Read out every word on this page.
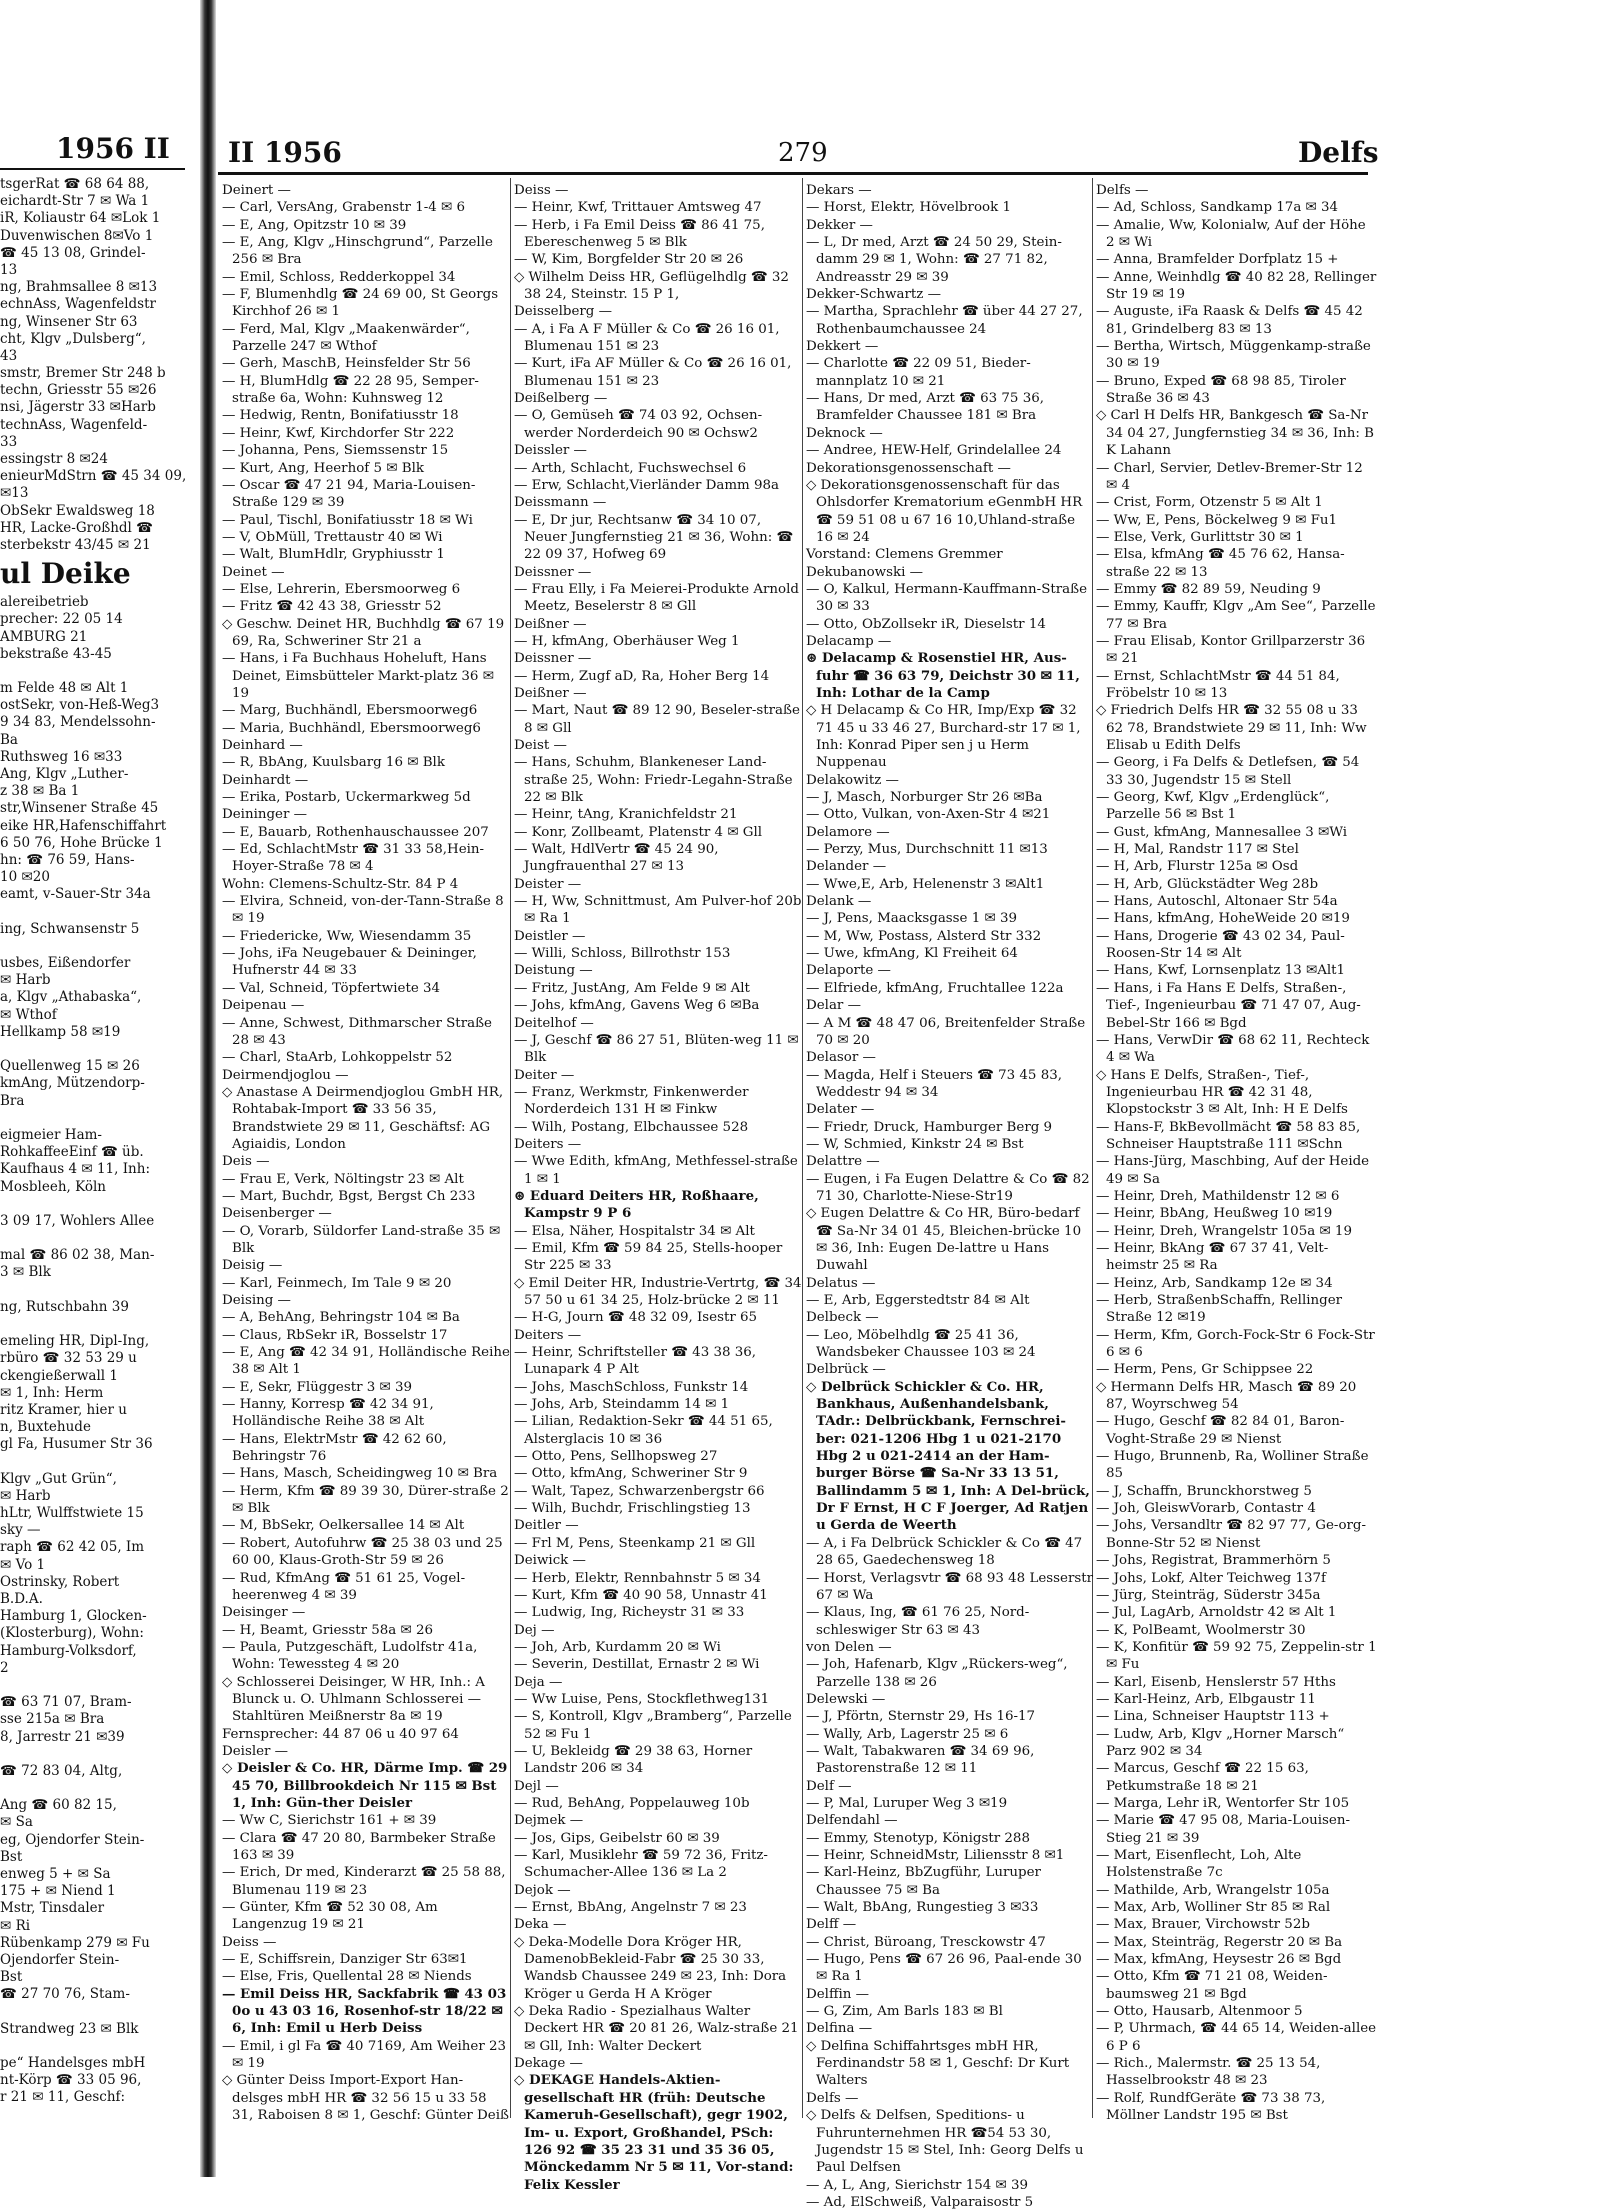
1956 II
tsgerRat ☎ 68 64 88,
eichardt-Str 7 ✉ Wa 1
iR, Koliaustr 64 ✉Lok 1
Duvenwischen 8✉Vo 1
☎ 45 13 08, Grindel-
13
ng, Brahmsallee 8 ✉13
echnAss, Wagenfeldstr
ng, Winsener Str 63
cht, Klgv „Dulsberg“,
43
smstr, Bremer Str 248 b
techn, Griesstr 55 ✉26
nsi, Jägerstr 33 ✉Harb
technAss, Wagenfeld-
33
essingstr 8 ✉24
enieurMdStrn ☎ 45 34 09,
✉13
ObSekr Ewaldsweg 18
HR, Lacke-Großhdl ☎
sterbekstr 43/45 ✉ 21
ul Deike
alereibetrieb
precher: 22 05 14
AMBURG 21
bekstraße 43-45
m Felde 48 ✉ Alt 1
ostSekr, von-Heß-Weg3
9 34 83, Mendelssohn-
Ba
Ruthsweg 16 ✉33
Ang, Klgv „Luther-
z 38 ✉ Ba 1
str,Winsener Straße 45
eike HR,Hafenschiffahrt
6 50 76, Hohe Brücke 1
hn: ☎ 76 59, Hans-
10 ✉20
eamt, v-Sauer-Str 34a
ing, Schwansenstr 5
usbes, Eißendorfer
✉ Harb
a, Klgv „Athabaska“,
✉ Wthof
Hellkamp 58 ✉19
Quellenweg 15 ✉ 26
kmAng, Mützendorp-
Bra
eigmeier Ham-
RohkaffeeEinf ☎ üb.
Kaufhaus 4 ✉ 11, Inh:
Mosbleeh, Köln
3 09 17, Wohlers Allee
mal ☎ 86 02 38, Man-
3 ✉ Blk
ng, Rutschbahn 39
emeling HR, Dipl-Ing,
rbüro ☎ 32 53 29 u
ckengießerwall 1
✉ 1, Inh: Herm
ritz Kramer, hier u
n, Buxtehude
gl Fa, Husumer Str 36
Klgv „Gut Grün“,
✉ Harb
hLtr, Wulffstwiete 15
sky —
raph ☎ 62 42 05, Im
✉ Vo 1
Ostrinsky, Robert
B.D.A.
Hamburg 1, Glocken-
(Klosterburg), Wohn:
Hamburg-Volksdorf,
2
☎ 63 71 07, Bram-
sse 215a ✉ Bra
8, Jarrestr 21 ✉39
☎ 72 83 04, Altg,
Ang ☎ 60 82 15,
✉ Sa
eg, Ojendorfer Stein-
Bst
enweg 5 + ✉ Sa
175 + ✉ Niend 1
Mstr, Tinsdaler
✉ Ri
Rübenkamp 279 ✉ Fu
Ojendorfer Stein-
Bst
☎ 27 70 76, Stam-
Strandweg 23 ✉ Blk
pe“ Handelsges mbH
nt-Körp ☎ 33 05 96,
r 21 ✉ 11, Geschf:
II 1956	279	Delfs
Deinert —
— Carl, VersAng, Grabenstr 1-4 ✉ 6
— E, Ang, Opitzstr 10 ✉ 39
— E, Ang, Klgv „Hinschgrund“, Parzelle 256 ✉ Bra
— Emil, Schloss, Redderkoppel 34
— F, Blumenhdlg ☎ 24 69 00, St Georgs Kirchhof 26 ✉ 1
— Ferd, Mal, Klgv „Maakenwärder“, Parzelle 247 ✉ Wthof
— Gerh, MaschB, Heinsfelder Str 56
— H, BlumHdlg ☎ 22 28 95, Semper-straße 6a, Wohn: Kuhnsweg 12
— Hedwig, Rentn, Bonifatiusstr 18
— Heinr, Kwf, Kirchdorfer Str 222
— Johanna, Pens, Siemssenstr 15
— Kurt, Ang, Heerhof 5 ✉ Blk
— Oscar ☎ 47 21 94, Maria-Louisen-Straße 129 ✉ 39
— Paul, Tischl, Bonifatiusstr 18 ✉ Wi
— V, ObMüll, Trettaustr 40 ✉ Wi
— Walt, BlumHdlr, Gryphiusstr 1
Deinet —
— Else, Lehrerin, Ebersmoorweg 6
— Fritz ☎ 42 43 38, Griesstr 52
◇ Geschw. Deinet HR, Buchhdlg ☎ 67 19 69, Ra, Schweriner Str 21 a
— Hans, i Fa Buchhaus Hoheluft, Hans Deinet, Eimsbütteler Markt-platz 36 ✉ 19
— Marg, Buchhändl, Ebersmoorweg6
— Maria, Buchhändl, Ebersmoorweg6
Deinhard —
— R, BbAng, Kuulsbarg 16 ✉ Blk
Deinhardt —
— Erika, Postarb, Uckermarkweg 5d
Deininger —
— E, Bauarb, Rothenhauschaussee 207
— Ed, SchlachtMstr ☎ 31 33 58,Hein-Hoyer-Straße 78 ✉ 4
Wohn: Clemens-Schultz-Str. 84 P 4
— Elvira, Schneid, von-der-Tann-Straße 8 ✉ 19
— Friedericke, Ww, Wiesendamm 35
— Johs, iFa Neugebauer & Deininger, Hufnerstr 44 ✉ 33
— Val, Schneid, Töpfertwiete 34
Deipenau —
— Anne, Schwest, Dithmarscher Straße 28 ✉ 43
— Charl, StaArb, Lohkoppelstr 52
Deirmendjoglou —
◇ Anastase A Deirmendjoglou GmbH HR, Rohtabak-Import ☎ 33 56 35, Brandstwiete 29 ✉ 11, Geschäftsf: AG Agiaidis, London
Deis —
— Frau E, Verk, Nöltingstr 23 ✉ Alt
— Mart, Buchdr, Bgst, Bergst Ch 233
Deisenberger —
— O, Vorarb, Süldorfer Land-straße 35 ✉ Blk
Deisig —
— Karl, Feinmech, Im Tale 9 ✉ 20
Deising —
— A, BehAng, Behringstr 104 ✉ Ba
— Claus, RbSekr iR, Bosselstr 17
— E, Ang ☎ 42 34 91, Holländische Reihe 38 ✉ Alt 1
— E, Sekr, Flüggestr 3 ✉ 39
— Hanny, Korresp ☎ 42 34 91, Holländische Reihe 38 ✉ Alt
— Hans, ElektrMstr ☎ 42 62 60, Behringstr 76
— Hans, Masch, Scheidingweg 10 ✉ Bra
— Herm, Kfm ☎ 89 39 30, Dürer-straße 2 ✉ Blk
— M, BbSekr, Oelkersallee 14 ✉ Alt
— Robert, Autofuhrw ☎ 25 38 03 und 25 60 00, Klaus-Groth-Str 59 ✉ 26
— Rud, KfmAng ☎ 51 61 25, Vogel-heerenweg 4 ✉ 39
Deisinger —
— H, Beamt, Griesstr 58a ✉ 26
— Paula, Putzgeschäft, Ludolfstr 41a, Wohn: Tewessteg 4 ✉ 20
◇ Schlosserei Deisinger, W HR, Inh.: A Blunck u. O. Uhlmann Schlosserei — Stahltüren Meißnerstr 8a ✉ 19
Fernsprecher: 44 87 06 u 40 97 64
Deisler —
◇ Deisler & Co. HR, Därme Imp. ☎ 29 45 70, Billbrookdeich Nr 115 ✉ Bst 1, Inh: Gün-ther Deisler
— Ww C, Sierichstr 161 + ✉ 39
— Clara ☎ 47 20 80, Barmbeker Straße 163 ✉ 39
— Erich, Dr med, Kinderarzt ☎ 25 58 88, Blumenau 119 ✉ 23
— Günter, Kfm ☎ 52 30 08, Am Langenzug 19 ✉ 21
Deiss —
— E, Schiffsrein, Danziger Str 63✉1
— Else, Fris, Quellental 28 ✉ Niends
— Emil Deiss HR, Sackfabrik ☎ 43 03 0o u 43 03 16, Rosenhof-str 18/22 ✉ 6, Inh: Emil u Herb Deiss
— Emil, i gl Fa ☎ 40 7169, Am Weiher 23 ✉ 19
◇ Günter Deiss Import-Export Han-delsges mbH HR ☎ 32 56 15 u 33 58 31, Raboisen 8 ✉ 1, Geschf: Günter Deiß
Deiss —
— Heinr, Kwf, Trittauer Amtsweg 47
— Herb, i Fa Emil Deiss ☎ 86 41 75, Ebereschenweg 5 ✉ Blk
— W, Kim, Borgfelder Str 20 ✉ 26
◇ Wilhelm Deiss HR, Geflügelhdlg ☎ 32 38 24, Steinstr. 15 P 1,
Deisselberg —
— A, i Fa A F Müller & Co ☎ 26 16 01, Blumenau 151 ✉ 23
— Kurt, iFa AF Müller & Co ☎ 26 16 01, Blumenau 151 ✉ 23
Deißelberg —
— O, Gemüseh ☎ 74 03 92, Ochsen-werder Norderdeich 90 ✉ Ochsw2
Deissler —
— Arth, Schlacht, Fuchswechsel 6
— Erw, Schlacht,Vierländer Damm 98a
Deissmann —
— E, Dr jur, Rechtsanw ☎ 34 10 07, Neuer Jungfernstieg 21 ✉ 36, Wohn: ☎ 22 09 37, Hofweg 69
Deissner —
— Frau Elly, i Fa Meierei-Produkte Arnold Meetz, Beselerstr 8 ✉ Gll
Deißner —
— H, kfmAng, Oberhäuser Weg 1
Deissner —
— Herm, Zugf aD, Ra, Hoher Berg 14
Deißner —
— Mart, Naut ☎ 89 12 90, Beseler-straße 8 ✉ Gll
Deist —
— Hans, Schuhm, Blankeneser Land-straße 25, Wohn: Friedr-Legahn-Straße 22 ✉ Blk
— Heinr, tAng, Kranichfeldstr 21
— Konr, Zollbeamt, Platenstr 4 ✉ Gll
— Walt, HdlVertr ☎ 45 24 90, Jungfrauenthal 27 ✉ 13
Deister —
— H, Ww, Schnittmust, Am Pulver-hof 20b ✉ Ra 1
Deistler —
— Willi, Schloss, Billrothstr 153
Deistung —
— Fritz, JustAng, Am Felde 9 ✉ Alt
— Johs, kfmAng, Gavens Weg 6 ✉Ba
Deitelhof —
— J, Geschf ☎ 86 27 51, Blüten-weg 11 ✉ Blk
Deiter —
— Franz, Werkmstr, Finkenwerder Norderdeich 131 H ✉ Finkw
— Wilh, Postang, Elbchaussee 528
Deiters —
— Wwe Edith, kfmAng, Methfessel-straße 1 ✉ 1
⊛ Eduard Deiters HR, Roßhaare, Kampstr 9 P 6
— Elsa, Näher, Hospitalstr 34 ✉ Alt
— Emil, Kfm ☎ 59 84 25, Stells-hooper Str 225 ✉ 33
◇ Emil Deiter HR, Industrie-Vertrtg, ☎ 34 57 50 u 61 34 25, Holz-brücke 2 ✉ 11
— H-G, Journ ☎ 48 32 09, Isestr 65
Deiters —
— Heinr, Schriftsteller ☎ 43 38 36, Lunapark 4 P Alt
— Johs, MaschSchloss, Funkstr 14
— Johs, Arb, Steindamm 14 ✉ 1
— Lilian, Redaktion-Sekr ☎ 44 51 65, Alsterglacis 10 ✉ 36
— Otto, Pens, Sellhopsweg 27
— Otto, kfmAng, Schweriner Str 9
— Walt, Tapez, Schwarzenbergstr 66
— Wilh, Buchdr, Frischlingstieg 13
Deitler —
— Frl M, Pens, Steenkamp 21 ✉ Gll
Deiwick —
— Herb, Elektr, Rennbahnstr 5 ✉ 34
— Kurt, Kfm ☎ 40 90 58, Unnastr 41
— Ludwig, Ing, Richeystr 31 ✉ 33
Dej —
— Joh, Arb, Kurdamm 20 ✉ Wi
— Severin, Destillat, Ernastr 2 ✉ Wi
Deja —
— Ww Luise, Pens, Stockflethweg131
— S, Kontroll, Klgv „Bramberg“, Parzelle 52 ✉ Fu 1
— U, Bekleidg ☎ 29 38 63, Horner Landstr 206 ✉ 34
Dejl —
— Rud, BehAng, Poppelauweg 10b
Dejmek —
— Jos, Gips, Geibelstr 60 ✉ 39
— Karl, Musiklehr ☎ 59 72 36, Fritz-Schumacher-Allee 136 ✉ La 2
Dejok —
— Ernst, BbAng, Angelnstr 7 ✉ 23
Deka —
◇ Deka-Modelle Dora Kröger HR, DamenobBekleid-Fabr ☎ 25 30 33, Wandsb Chaussee 249 ✉ 23, Inh: Dora Kröger u Gerda H A Kröger
◇ Deka Radio - Spezialhaus Walter Deckert HR ☎ 20 81 26, Walz-straße 21 ✉ Gll, Inh: Walter Deckert
Dekage —
◇ DEKAGE Handels-Aktien-gesellschaft HR (früh: Deutsche Kameruh-Gesellschaft), gegr 1902, Im- u. Export, Großhandel, PSch: 126 92 ☎ 35 23 31 und 35 36 05, Mönckedamm Nr 5 ✉ 11, Vor-stand: Felix Kessler
Dekars —
— Horst, Elektr, Hövelbrook 1
Dekker —
— L, Dr med, Arzt ☎ 24 50 29, Stein-damm 29 ✉ 1, Wohn: ☎ 27 71 82, Andreasstr 29 ✉ 39
Dekker-Schwartz —
— Martha, Sprachlehr ☎ über 44 27 27, Rothenbaumchaussee 24
Dekkert —
— Charlotte ☎ 22 09 51, Bieder-mannplatz 10 ✉ 21
— Hans, Dr med, Arzt ☎ 63 75 36, Bramfelder Chaussee 181 ✉ Bra
Deknock —
— Andree, HEW-Helf, Grindelallee 24
Dekorationsgenossenschaft —
◇ Dekorationsgenossenschaft für das Ohlsdorfer Krematorium eGenmbH HR ☎ 59 51 08 u 67 16 10,Uhland-straße 16 ✉ 24
Vorstand: Clemens Gremmer
Dekubanowski —
— O, Kalkul, Hermann-Kauffmann-Straße 30 ✉ 33
— Otto, ObZollsekr iR, Dieselstr 14
Delacamp —
⊛ Delacamp & Rosenstiel HR, Aus-fuhr ☎ 36 63 79, Deichstr 30 ✉ 11, Inh: Lothar de la Camp
◇ H Delacamp & Co HR, Imp/Exp ☎ 32 71 45 u 33 46 27, Burchard-str 17 ✉ 1, Inh: Konrad Piper sen j u Herm Nuppenau
Delakowitz —
— J, Masch, Norburger Str 26 ✉Ba
— Otto, Vulkan, von-Axen-Str 4 ✉21
Delamore —
— Perzy, Mus, Durchschnitt 11 ✉13
Delander —
— Wwe,E, Arb, Helenenstr 3 ✉Alt1
Delank —
— J, Pens, Maacksgasse 1 ✉ 39
— M, Ww, Postass, Alsterd Str 332
— Uwe, kfmAng, Kl Freiheit 64
Delaporte —
— Elfriede, kfmAng, Fruchtallee 122a
Delar —
— A M ☎ 48 47 06, Breitenfelder Straße 70 ✉ 20
Delasor —
— Magda, Helf i Steuers ☎ 73 45 83, Weddestr 94 ✉ 34
Delater —
— Friedr, Druck, Hamburger Berg 9
— W, Schmied, Kinkstr 24 ✉ Bst
Delattre —
— Eugen, i Fa Eugen Delattre & Co ☎ 82 71 30, Charlotte-Niese-Str19
◇ Eugen Delattre & Co HR, Büro-bedarf ☎ Sa-Nr 34 01 45, Bleichen-brücke 10 ✉ 36, Inh: Eugen De-lattre u Hans Duwahl
Delatus —
— E, Arb, Eggerstedtstr 84 ✉ Alt
Delbeck —
— Leo, Möbelhdlg ☎ 25 41 36, Wandsbeker Chaussee 103 ✉ 24
Delbrück —
◇ Delbrück Schickler & Co. HR, Bankhaus, Außenhandelsbank, TAdr.: Delbrückbank, Fernschrei-ber: 021-1206 Hbg 1 u 021-2170 Hbg 2 u 021-2414 an der Ham-burger Börse ☎ Sa-Nr 33 13 51, Ballindamm 5 ✉ 1, Inh: A Del-brück, Dr F Ernst, H C F Joerger, Ad Ratjen u Gerda de Weerth
— A, i Fa Delbrück Schickler & Co ☎ 47 28 65, Gaedechensweg 18
— Horst, Verlagsvtr ☎ 68 93 48 Lesserstr 67 ✉ Wa
— Klaus, Ing, ☎ 61 76 25, Nord-schleswiger Str 63 ✉ 43
von Delen —
— Joh, Hafenarb, Klgv „Rückers-weg“, Parzelle 138 ✉ 26
Delewski —
— J, Pförtn, Sternstr 29, Hs 16-17
— Wally, Arb, Lagerstr 25 ✉ 6
— Walt, Tabakwaren ☎ 34 69 96, Pastorenstraße 12 ✉ 11
Delf —
— P, Mal, Luruper Weg 3 ✉19
Delfendahl —
— Emmy, Stenotyp, Königstr 288
— Heinr, SchneidMstr, Liliensstr 8 ✉1
— Karl-Heinz, BbZugführ, Luruper Chaussee 75 ✉ Ba
— Walt, BbAng, Rungestieg 3 ✉33
Delff —
— Christ, Büroang, Tresckowstr 47
— Hugo, Pens ☎ 67 26 96, Paal-ende 30 ✉ Ra 1
Delffin —
— G, Zim, Am Barls 183 ✉ Bl
Delfina —
◇ Delfina Schiffahrtsges mbH HR, Ferdinandstr 58 ✉ 1, Geschf: Dr Kurt Walters
Delfs —
◇ Delfs & Delfsen, Speditions- u Fuhrunternehmen HR ☎54 53 30, Jugendstr 15 ✉ Stel, Inh: Georg Delfs u Paul Delfsen
— A, L, Ang, Sierichstr 154 ✉ 39
— Ad, ElSchweiß, Valparaisostr 5
Delfs —
— Ad, Schloss, Sandkamp 17a ✉ 34
— Amalie, Ww, Kolonialw, Auf der Höhe 2 ✉ Wi
— Anna, Bramfelder Dorfplatz 15 +
— Anne, Weinhdlg ☎ 40 82 28, Rellinger Str 19 ✉ 19
— Auguste, iFa Raask & Delfs ☎ 45 42 81, Grindelberg 83 ✉ 13
— Bertha, Wirtsch, Müggenkamp-straße 30 ✉ 19
— Bruno, Exped ☎ 68 98 85, Tiroler Straße 36 ✉ 43
◇ Carl H Delfs HR, Bankgesch ☎ Sa-Nr 34 04 27, Jungfernstieg 34 ✉ 36, Inh: B K Lahann
— Charl, Servier, Detlev-Bremer-Str 12 ✉ 4
— Crist, Form, Otzenstr 5 ✉ Alt 1
— Ww, E, Pens, Böckelweg 9 ✉ Fu1
— Else, Verk, Gurlittstr 30 ✉ 1
— Elsa, kfmAng ☎ 45 76 62, Hansa-straße 22 ✉ 13
— Emmy ☎ 82 89 59, Neuding 9
— Emmy, Kauffr, Klgv „Am See“, Parzelle 77 ✉ Bra
— Frau Elisab, Kontor Grillparzerstr 36 ✉ 21
— Ernst, SchlachtMstr ☎ 44 51 84, Fröbelstr 10 ✉ 13
◇ Friedrich Delfs HR ☎ 32 55 08 u 33 62 78, Brandstwiete 29 ✉ 11, Inh: Ww Elisab u Edith Delfs
— Georg, i Fa Delfs & Detlefsen, ☎ 54 33 30, Jugendstr 15 ✉ Stell
— Georg, Kwf, Klgv „Erdenglück“, Parzelle 56 ✉ Bst 1
— Gust, kfmAng, Mannesallee 3 ✉Wi
— H, Mal, Randstr 117 ✉ Stel
— H, Arb, Flurstr 125a ✉ Osd
— H, Arb, Glückstädter Weg 28b
— Hans, Autoschl, Altonaer Str 54a
— Hans, kfmAng, HoheWeide 20 ✉19
— Hans, Drogerie ☎ 43 02 34, Paul-Roosen-Str 14 ✉ Alt
— Hans, Kwf, Lornsenplatz 13 ✉Alt1
— Hans, i Fa Hans E Delfs, Straßen-, Tief-, Ingenieurbau ☎ 71 47 07, Aug-Bebel-Str 166 ✉ Bgd
— Hans, VerwDir ☎ 68 62 11, Rechteck 4 ✉ Wa
◇ Hans E Delfs, Straßen-, Tief-, Ingenieurbau HR ☎ 42 31 48, Klopstockstr 3 ✉ Alt, Inh: H E Delfs
— Hans-F, BkBevollmächt ☎ 58 83 85, Schneiser Hauptstraße 111 ✉Schn
— Hans-Jürg, Maschbing, Auf der Heide 49 ✉ Sa
— Heinr, Dreh, Mathildenstr 12 ✉ 6
— Heinr, BbAng, Heußweg 10 ✉19
— Heinr, Dreh, Wrangelstr 105a ✉ 19
— Heinr, BkAng ☎ 67 37 41, Velt-heimstr 25 ✉ Ra
— Heinz, Arb, Sandkamp 12e ✉ 34
— Herb, StraßenbSchaffn, Rellinger Straße 12 ✉19
— Herm, Kfm, Gorch-Fock-Str 6 Fock-Str 6 ✉ 6
— Herm, Pens, Gr Schippsee 22
◇ Hermann Delfs HR, Masch ☎ 89 20 87, Woyrschweg 54
— Hugo, Geschf ☎ 82 84 01, Baron-Voght-Straße 29 ✉ Nienst
— Hugo, Brunnenb, Ra, Wolliner Straße 85
— J, Schaffn, Brunckhorstweg 5
— Joh, GleiswVorarb, Contastr 4
— Johs, Versandltr ☎ 82 97 77, Ge-org-Bonne-Str 52 ✉ Nienst
— Johs, Registrat, Brammerhörn 5
— Johs, Lokf, Alter Teichweg 137f
— Jürg, Steinträg, Süderstr 345a
— Jul, LagArb, Arnoldstr 42 ✉ Alt 1
— K, PolBeamt, Woolmerstr 30
— K, Konfitür ☎ 59 92 75, Zeppelin-str 1 ✉ Fu
— Karl, Eisenb, Henslerstr 57 Hths
— Karl-Heinz, Arb, Elbgaustr 11
— Lina, Schneiser Hauptstr 113 +
— Ludw, Arb, Klgv „Horner Marsch“ Parz 902 ✉ 34
— Marcus, Geschf ☎ 22 15 63, Petkumstraße 18 ✉ 21
— Marga, Lehr iR, Wentorfer Str 105
— Marie ☎ 47 95 08, Maria-Louisen-Stieg 21 ✉ 39
— Mart, Eisenflecht, Loh, Alte Holstenstraße 7c
— Mathilde, Arb, Wrangelstr 105a
— Max, Arb, Wolliner Str 85 ✉ Ral
— Max, Brauer, Virchowstr 52b
— Max, Steinträg, Regerstr 20 ✉ Ba
— Max, kfmAng, Heysestr 26 ✉ Bgd
— Otto, Kfm ☎ 71 21 08, Weiden-baumsweg 21 ✉ Bgd
— Otto, Hausarb, Altenmoor 5
— P, Uhrmach, ☎ 44 65 14, Weiden-allee 6 P 6
— Rich., Malermstr. ☎ 25 13 54, Hasselbrookstr 48 ✉ 23
— Rolf, RundfGeräte ☎ 73 38 73, Möllner Landstr 195 ✉ Bst
